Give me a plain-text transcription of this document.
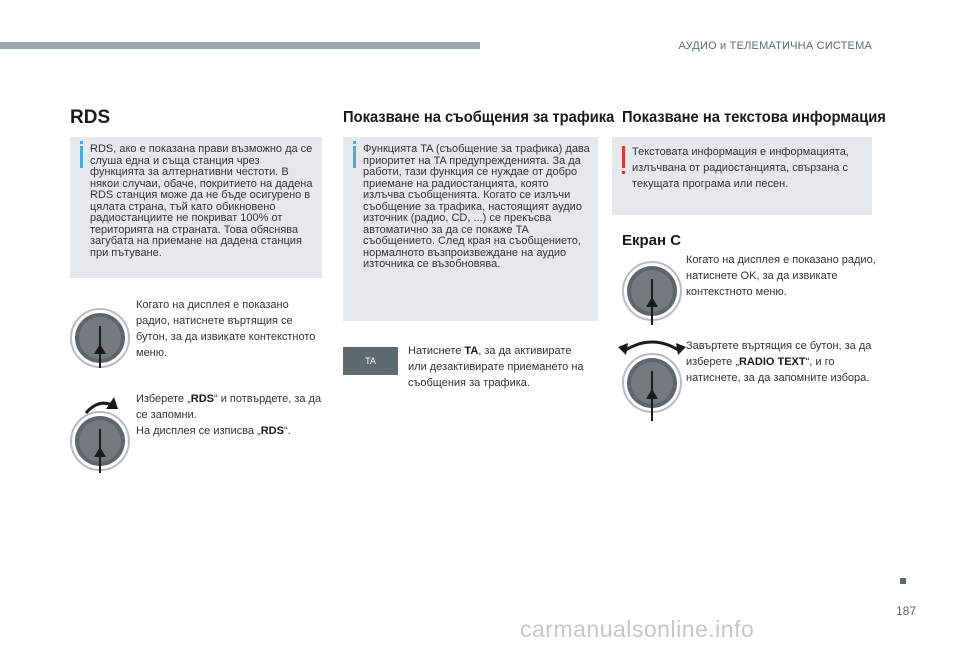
АУДИО и ТЕЛЕМАТИЧНА СИСТЕМА
RDS
RDS, ако е показана прави възможно да се слуша една и съща станция чрез функцията за алтернативни честоти. В някои случаи, обаче, покритието на дадена RDS станция може да не бъде осигурено в цялата страна, тъй като обикновено радиостанциите не покриват 100% от територията на страната. Това обяснява загубата на приемане на дадена станция при пътуване.
Когато на дисплея е показано радио, натиснете въртящия се бутон, за да извикате контекстното меню.
Изберете „RDS“ и потвърдете, за да се запомни.
На дисплея се изписва „RDS“.
Показване на съобщения за трафика
Функцията TA (съобщение за трафика) дава приоритет на TA предупрежденията. За да работи, тази функция се нуждае от добро приемане на радиостанцията, която излъчва съобщенията. Когато се излъчи съобщение за трафика, настоящият аудио източник (радио, CD, ...) се прекъсва автоматично за да се покаже TA съобщението. След края на съобщението, нормалното възпроизвеждане на аудио източника се възобновява.
TA
Натиснете TA, за да активирате или дезактивирате приемането на съобщения за трафика.
Показване на текстова информация
Текстовата информация е информацията, излъчвана от радиостанцията, свързана с текущата програма или песен.
Екран C
Когато на дисплея е показано радио, натиснете OK, за да извикате контекстното меню.
Завъртете въртящия се бутон, за да изберете „RADIO TEXT“, и го натиснете, за да запомните избора.
187
carmanualsonline.info
